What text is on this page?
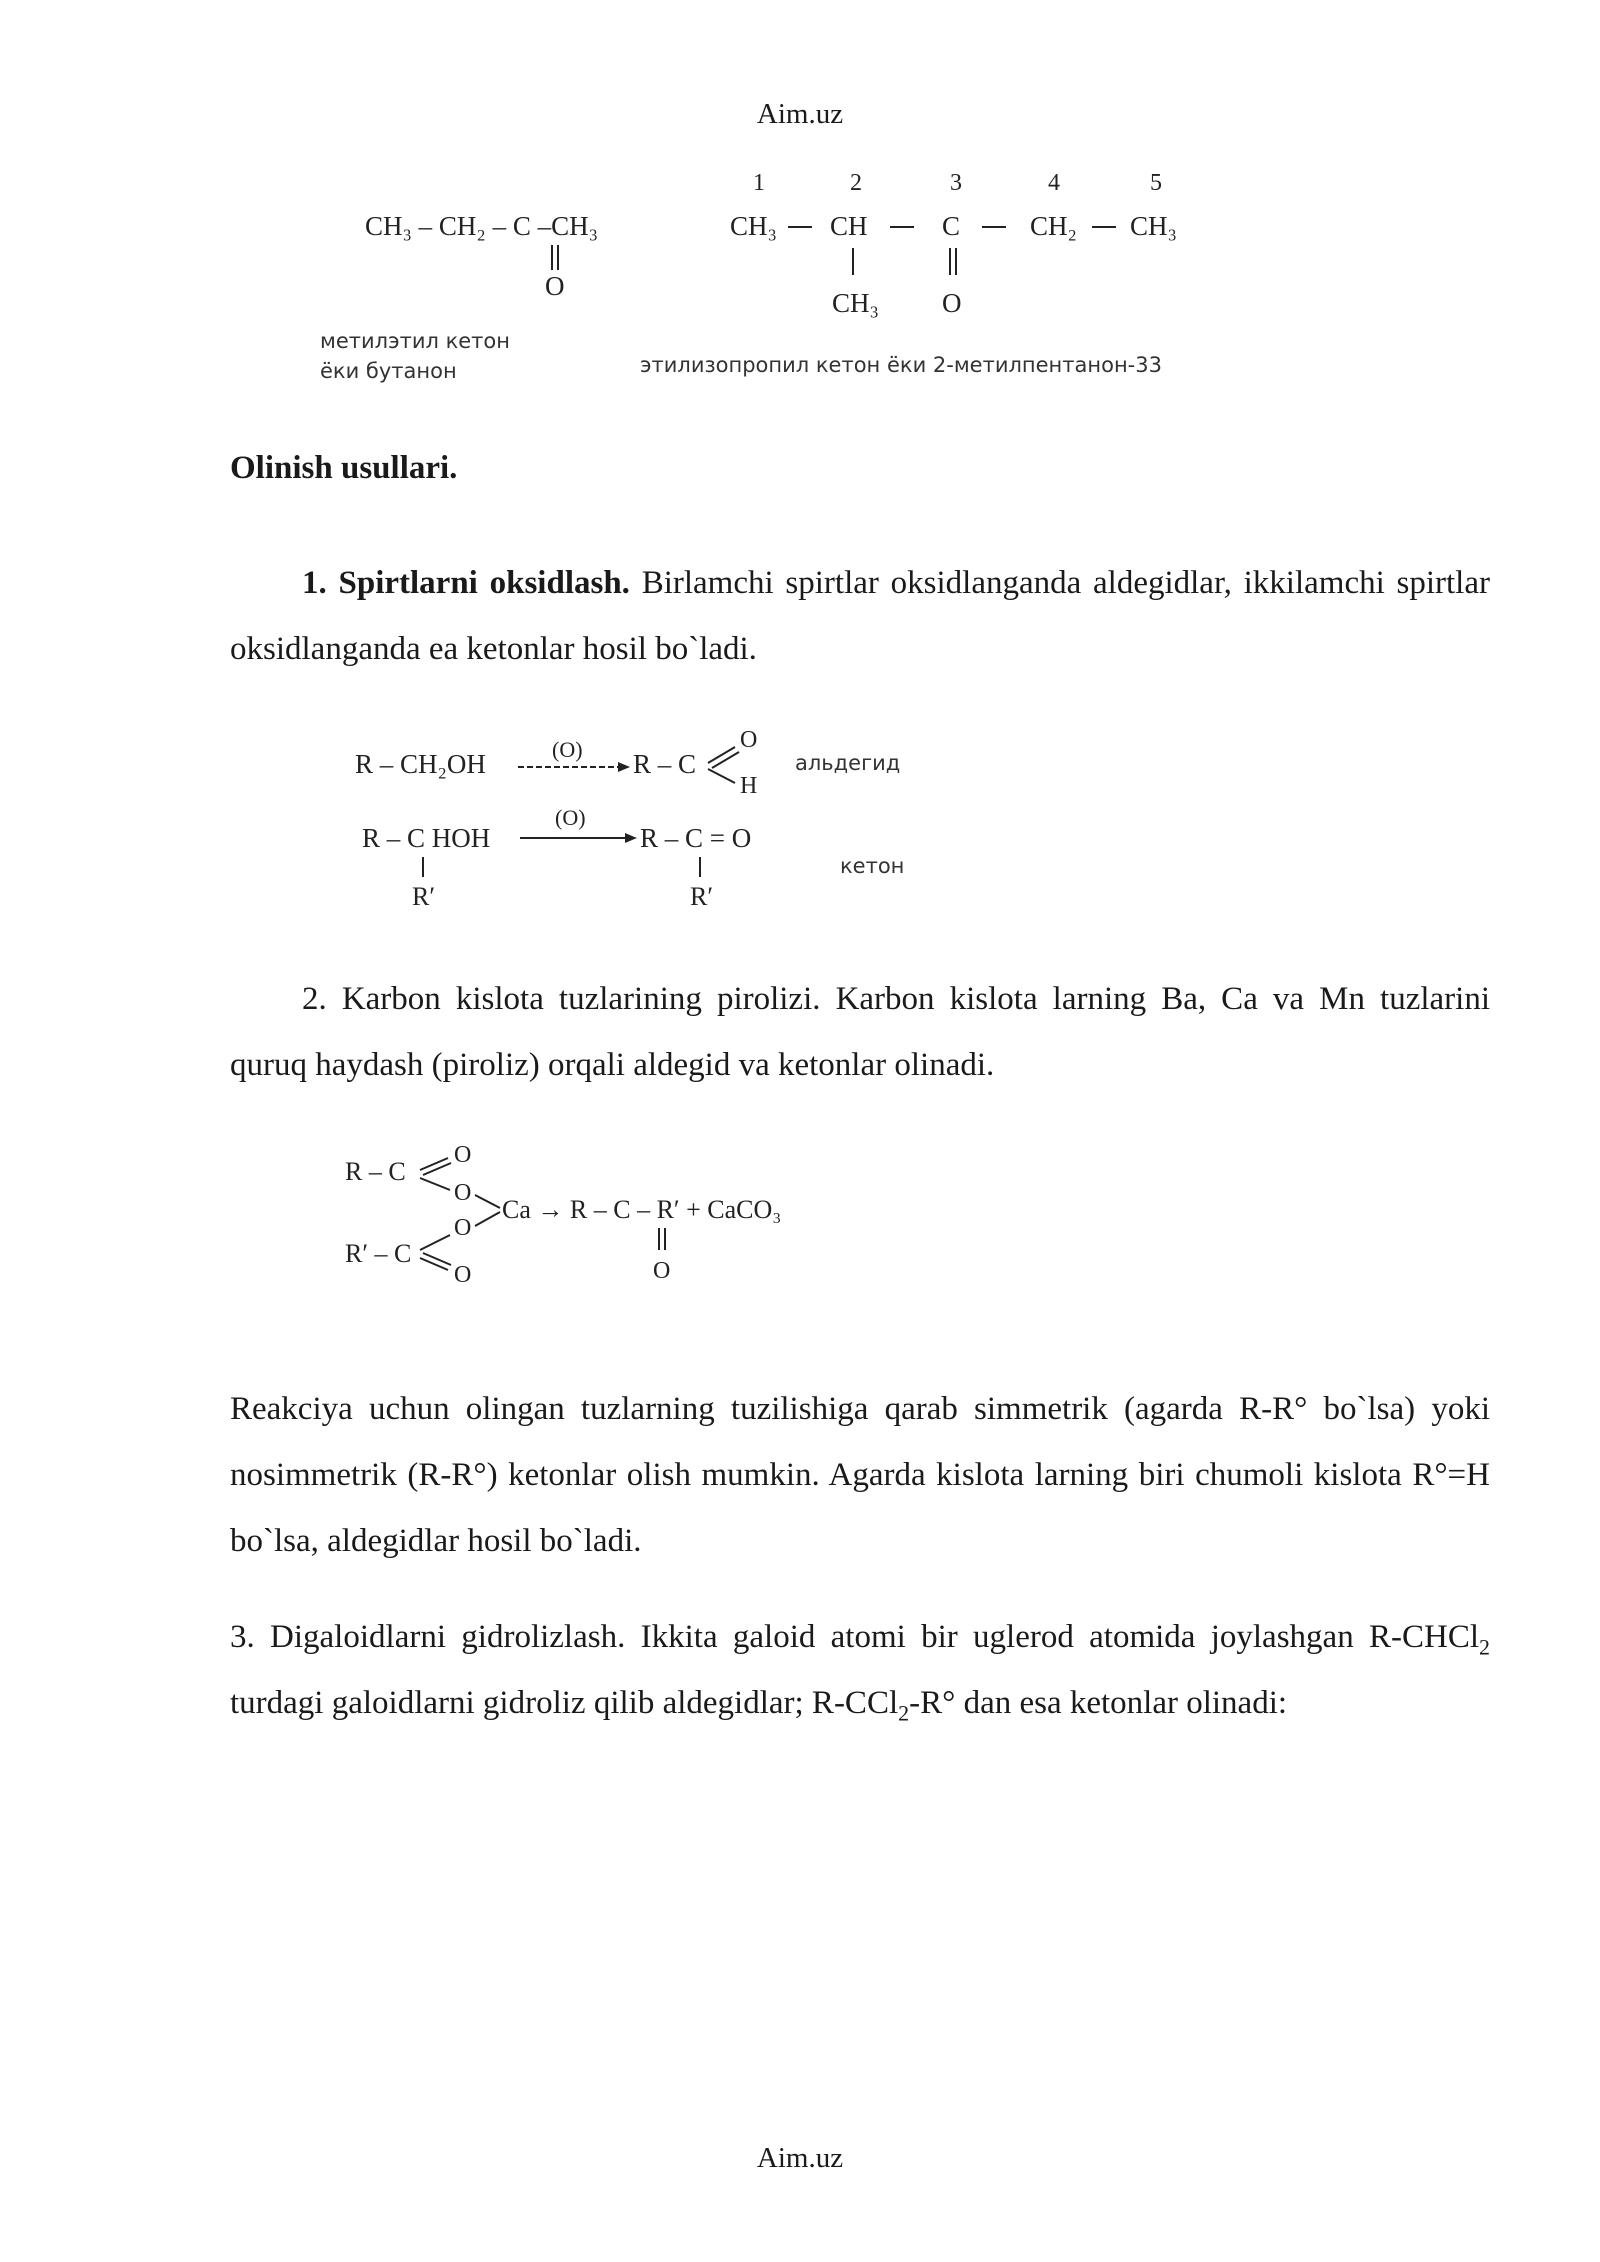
Aim.uz
CH₃ – CH₂ – C –CH₃
O
метилэтил кетон
ёки бутанон
1	2	3	4	5
CH₃ CH	C	CH₂ CH₃
CH₃ O
этилизопропил кетон ёки 2-метилпентанон-33
Olinish usullari.
1. Spirtlarni oksidlash. Birlamchi spirtlar oksidlanganda aldegidlar, ikkilamchi spirtlar oksidlanganda ea ketonlar hosil bo`ladi.
R – CH₂OH	(O) R – C
O
H
альдегид
R – C HOH
(O)
R – C = O
R′	R′
кетон
2. Karbon kislota tuzlarining pirolizi. Karbon kislota larning Ba, Ca va Mn tuzlarini quruq haydash (piroliz) orqali aldegid va ketonlar olinadi.
R – C
O
O
O
R′ – C
O
Ca → R – C – R′ + CaCO₃
O
Reakciya uchun olingan tuzlarning tuzilishiga qarab simmetrik (agarda R-R° bo`lsa) yoki nosimmetrik (R-R°) ketonlar olish mumkin. Agarda kislota larning biri chumoli kislota R°=H bo`lsa, aldegidlar hosil bo`ladi.
3. Digaloidlarni gidrolizlash. Ikkita galoid atomi bir uglerod atomida joylashgan R-CHCl$_2$ turdagi galoidlarni gidroliz qilib aldegidlar; R-CCl$_2$-R° dan esa ketonlar olinadi:
Aim.uz
